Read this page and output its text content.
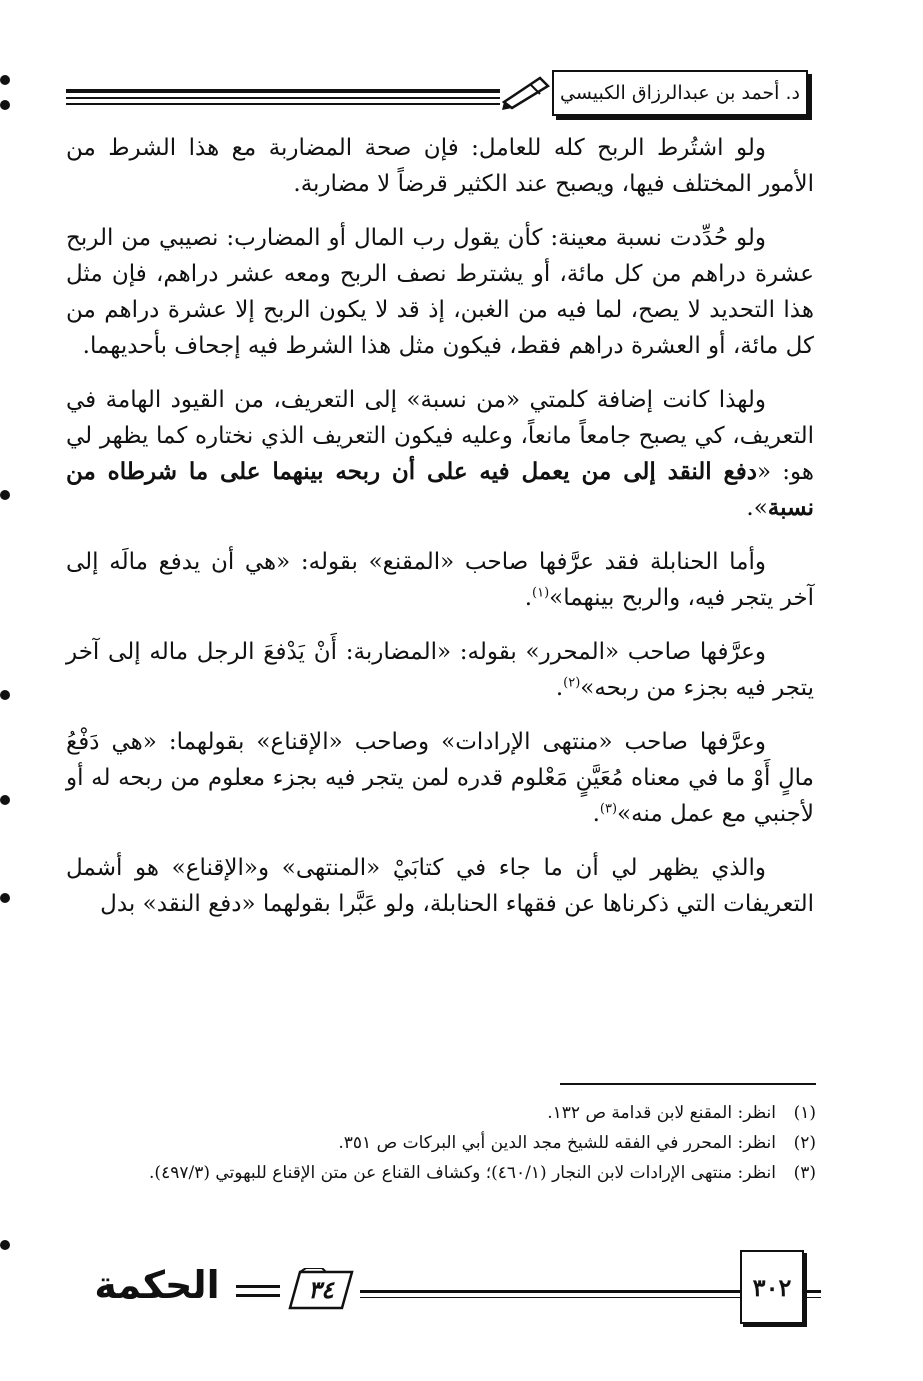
د. أحمد بن عبدالرزاق الكبيسي

ولو اشتُرط الربح كله للعامل: فإن صحة المضاربة مع هذا الشرط من الأمور المختلف فيها، ويصبح عند الكثير قرضاً لا مضاربة.

ولو حُدِّدت نسبة معينة: كأن يقول رب المال أو المضارب: نصيبي من الربح عشرة دراهم من كل مائة، أو يشترط نصف الربح ومعه عشر دراهم، فإن مثل هذا التحديد لا يصح، لما فيه من الغبن، إذ قد لا يكون الربح إلا عشرة دراهم من كل مائة، أو العشرة دراهم فقط، فيكون مثل هذا الشرط فيه إجحاف بأحديهما.

ولهذا كانت إضافة كلمتي «من نسبة» إلى التعريف، من القيود الهامة في التعريف، كي يصبح جامعاً مانعاً، وعليه فيكون التعريف الذي نختاره كما يظهر لي هو: «دفع النقد إلى من يعمل فيه على أن ربحه بينهما على ما شرطاه من نسبة».

وأما الحنابلة فقد عرَّفها صاحب «المقنع» بقوله: «هي أن يدفع مالَه إلى آخر يتجر فيه، والربح بينهما»$^{(١)}$.

وعرَّفها صاحب «المحرر» بقوله: «المضاربة: أَنْ يَدْفعَ الرجل ماله إلى آخر يتجر فيه بجزء من ربحه»$^{(٢)}$.

وعرَّفها صاحب «منتهى الإرادات» وصاحب «الإقناع» بقولهما: «هي دَفْعُ مالٍ أَوْ ما في معناه مُعَيَّنٍ مَعْلوم قدره لمن يتجر فيه بجزء معلوم من ربحه له أو لأجنبي مع عمل منه»$^{(٣)}$.

والذي يظهر لي أن ما جاء في كتابَيْ «المنتهى» و«الإقناع» هو أشمل التعريفات التي ذكرناها عن فقهاء الحنابلة، ولو عَبَّرا بقولهما «دفع النقد» بدل

(١)
انظر: المقنع لابن قدامة ص ١٣٢.
(٢)
انظر: المحرر في الفقه للشيخ مجد الدين أبي البركات ص ٣٥١.
(٣)
انظر: منتهى الإرادات لابن النجار (٤٦٠/١)؛ وكشاف القناع عن متن الإقناع للبهوتي (٤٩٧/٣).
٣٠٢
٣٤
الحكمة
